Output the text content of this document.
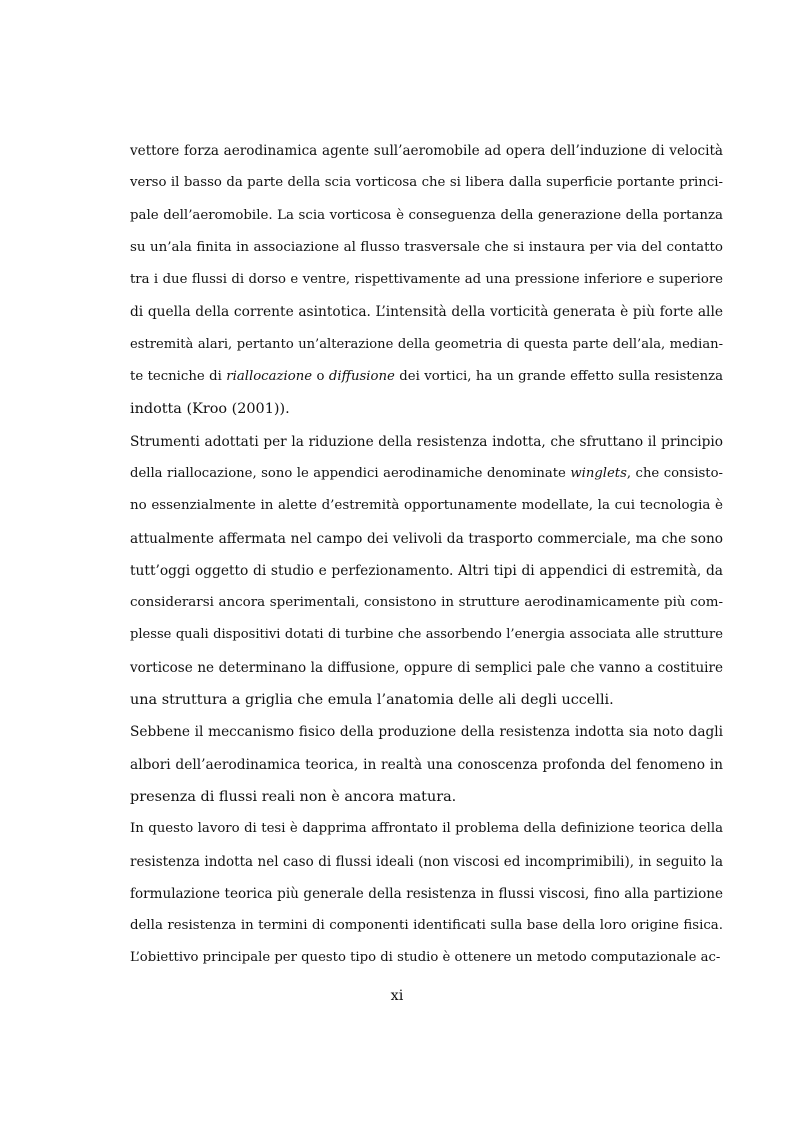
vettore forza aerodinamica agente sull’aeromobile ad opera dell’induzione di velocità
verso il basso da parte della scia vorticosa che si libera dalla superficie portante princi-
pale dell’aeromobile. La scia vorticosa è conseguenza della generazione della portanza
su un’ala finita in associazione al flusso trasversale che si instaura per via del contatto
tra i due flussi di dorso e ventre, rispettivamente ad una pressione inferiore e superiore
di quella della corrente asintotica. L’intensità della vorticità generata è più forte alle
estremità alari, pertanto un’alterazione della geometria di questa parte dell’ala, median-
te tecniche di riallocazione o diffusione dei vortici, ha un grande effetto sulla resistenza
indotta (Kroo (2001)).
Strumenti adottati per la riduzione della resistenza indotta, che sfruttano il principio
della riallocazione, sono le appendici aerodinamiche denominate winglets, che consisto-
no essenzialmente in alette d’estremità opportunamente modellate, la cui tecnologia è
attualmente affermata nel campo dei velivoli da trasporto commerciale, ma che sono
tutt’oggi oggetto di studio e perfezionamento. Altri tipi di appendici di estremità, da
considerarsi ancora sperimentali, consistono in strutture aerodinamicamente più com-
plesse quali dispositivi dotati di turbine che assorbendo l’energia associata alle strutture
vorticose ne determinano la diffusione, oppure di semplici pale che vanno a costituire
una struttura a griglia che emula l’anatomia delle ali degli uccelli.
Sebbene il meccanismo fisico della produzione della resistenza indotta sia noto dagli
albori dell’aerodinamica teorica, in realtà una conoscenza profonda del fenomeno in
presenza di flussi reali non è ancora matura.
In questo lavoro di tesi è dapprima affrontato il problema della definizione teorica della
resistenza indotta nel caso di flussi ideali (non viscosi ed incomprimibili), in seguito la
formulazione teorica più generale della resistenza in flussi viscosi, fino alla partizione
della resistenza in termini di componenti identificati sulla base della loro origine fisica.
L’obiettivo principale per questo tipo di studio è ottenere un metodo computazionale ac-
xi
